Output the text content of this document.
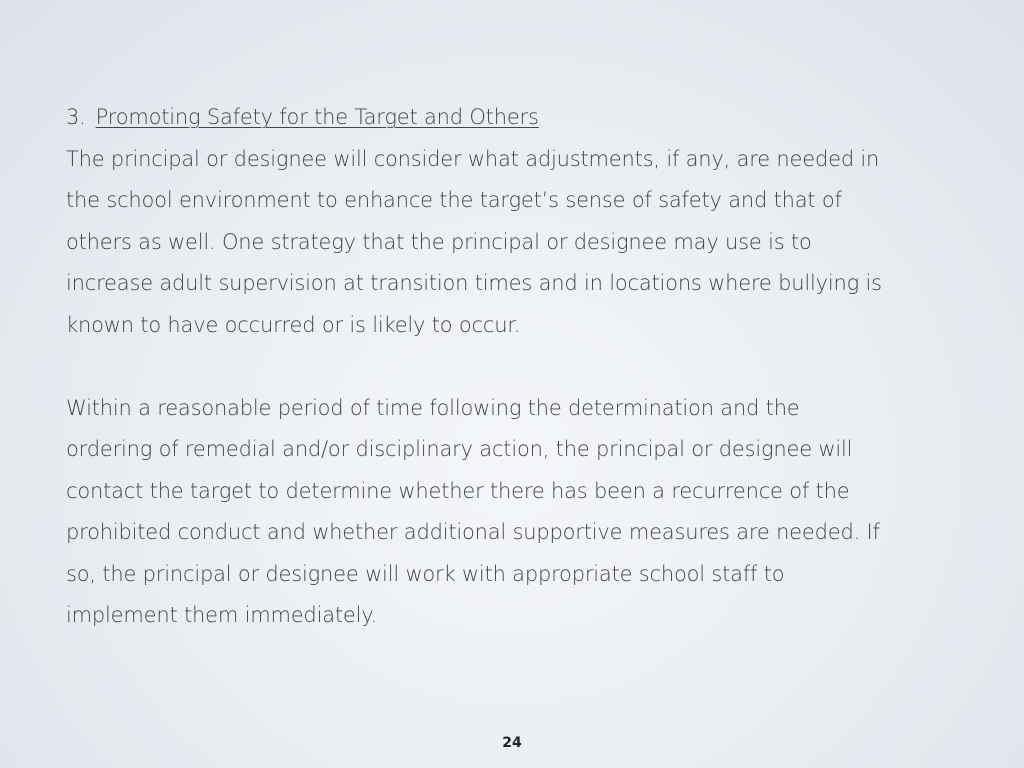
3. Promoting Safety for the Target and Others

The principal or designee will consider what adjustments, if any, are needed in
the school environment to enhance the target’s sense of safety and that of
others as well. One strategy that the principal or designee may use is to
increase adult supervision at transition times and in locations where bullying is
known to have occurred or is likely to occur.

Within a reasonable period of time following the determination and the
ordering of remedial and/or disciplinary action, the principal or designee will
contact the target to determine whether there has been a recurrence of the
prohibited conduct and whether additional supportive measures are needed. If
so, the principal or designee will work with appropriate school staff to
implement them immediately.

24
